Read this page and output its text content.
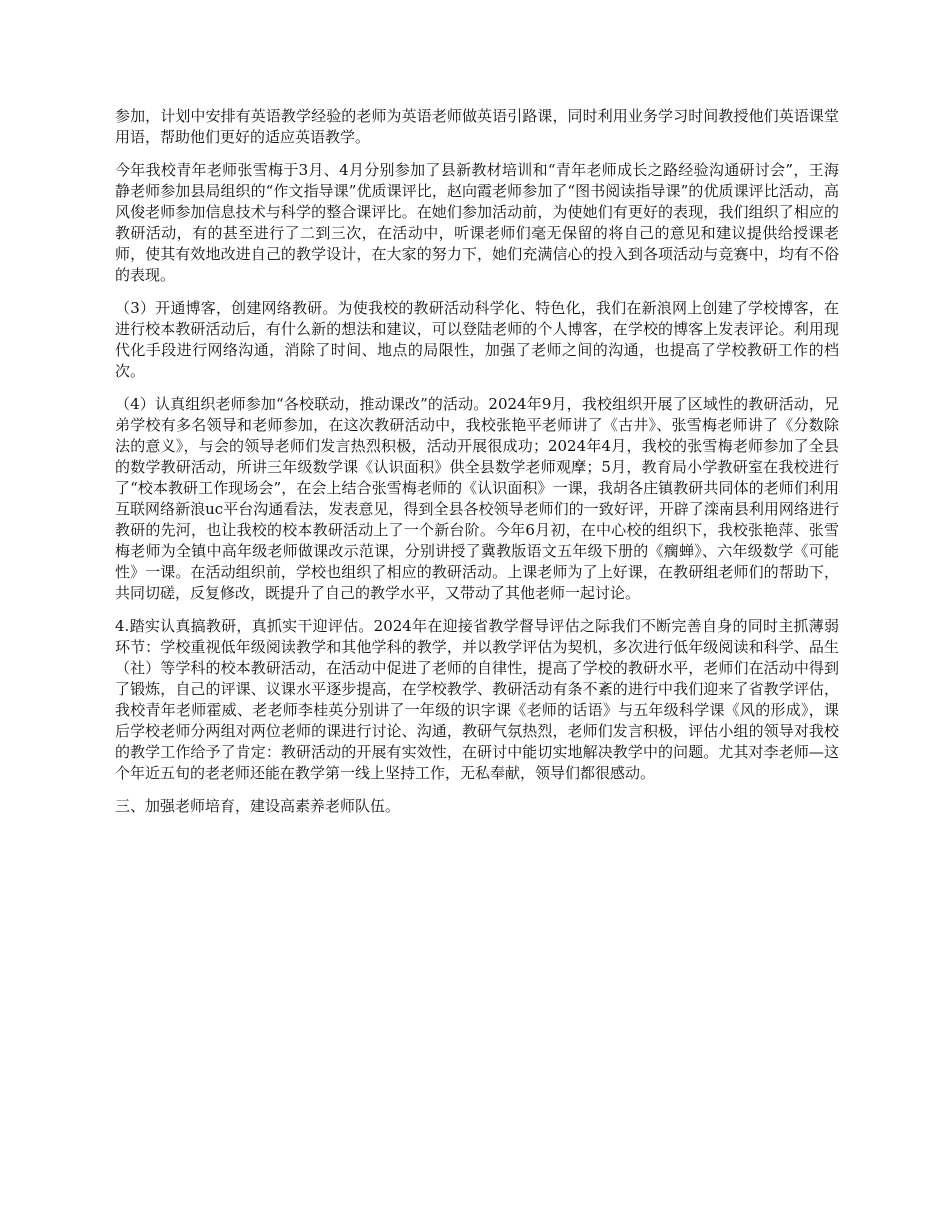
参加，计划中安排有英语教学经验的老师为英语老师做英语引路课，同时利用业务学习时间教授他们英语课堂用语，帮助他们更好的适应英语教学。

今年我校青年老师张雪梅于3月、4月分别参加了县新教材培训和“青年老师成长之路经验沟通研讨会”，王海静老师参加县局组织的“作文指导课”优质课评比，赵向霞老师参加了“图书阅读指导课”的优质课评比活动，高风俊老师参加信息技术与科学的整合课评比。在她们参加活动前，为使她们有更好的表现，我们组织了相应的教研活动，有的甚至进行了二到三次，在活动中，听课老师们毫无保留的将自己的意见和建议提供给授课老师，使其有效地改进自己的教学设计，在大家的努力下，她们充满信心的投入到各项活动与竞赛中，均有不俗的表现。

（3）开通博客，创建网络教研。为使我校的教研活动科学化、特色化，我们在新浪网上创建了学校博客，在进行校本教研活动后，有什么新的想法和建议，可以登陆老师的个人博客，在学校的博客上发表评论。利用现代化手段进行网络沟通，消除了时间、地点的局限性，加强了老师之间的沟通，也提高了学校教研工作的档次。

（4）认真组织老师参加“各校联动，推动课改”的活动。2024年9月，我校组织开展了区域性的教研活动，兄弟学校有多名领导和老师参加，在这次教研活动中，我校张艳平老师讲了《古井》、张雪梅老师讲了《分数除法的意义》，与会的领导老师们发言热烈积极，活动开展很成功；2024年4月，我校的张雪梅老师参加了全县的数学教研活动，所讲三年级数学课《认识面积》供全县数学老师观摩；5月，教育局小学教研室在我校进行了“校本教研工作现场会”，在会上结合张雪梅老师的《认识面积》一课，我胡各庄镇教研共同体的老师们利用互联网络新浪uc平台沟通看法，发表意见，得到全县各校领导老师们的一致好评，开辟了滦南县利用网络进行教研的先河，也让我校的校本教研活动上了一个新台阶。今年6月初，在中心校的组织下，我校张艳萍、张雪梅老师为全镇中高年级老师做课改示范课，分别讲授了冀教版语文五年级下册的《瘸蝉》、六年级数学《可能性》一课。在活动组织前，学校也组织了相应的教研活动。上课老师为了上好课，在教研组老师们的帮助下，共同切磋，反复修改，既提升了自己的教学水平，又带动了其他老师一起讨论。

4.踏实认真搞教研，真抓实干迎评估。2024年在迎接省教学督导评估之际我们不断完善自身的同时主抓薄弱环节：学校重视低年级阅读教学和其他学科的教学，并以教学评估为契机，多次进行低年级阅读和科学、品生（社）等学科的校本教研活动，在活动中促进了老师的自律性，提高了学校的教研水平，老师们在活动中得到了锻炼，自己的评课、议课水平逐步提高，在学校教学、教研活动有条不紊的进行中我们迎来了省教学评估，我校青年老师霍威、老老师李桂英分别讲了一年级的识字课《老师的话语》与五年级科学课《风的形成》，课后学校老师分两组对两位老师的课进行讨论、沟通，教研气氛热烈，老师们发言积极，评估小组的领导对我校的教学工作给予了肯定：教研活动的开展有实效性，在研讨中能切实地解决教学中的问题。尤其对李老师—这个年近五旬的老老师还能在教学第一线上坚持工作，无私奉献，领导们都很感动。

三、加强老师培育，建设高素养老师队伍。
